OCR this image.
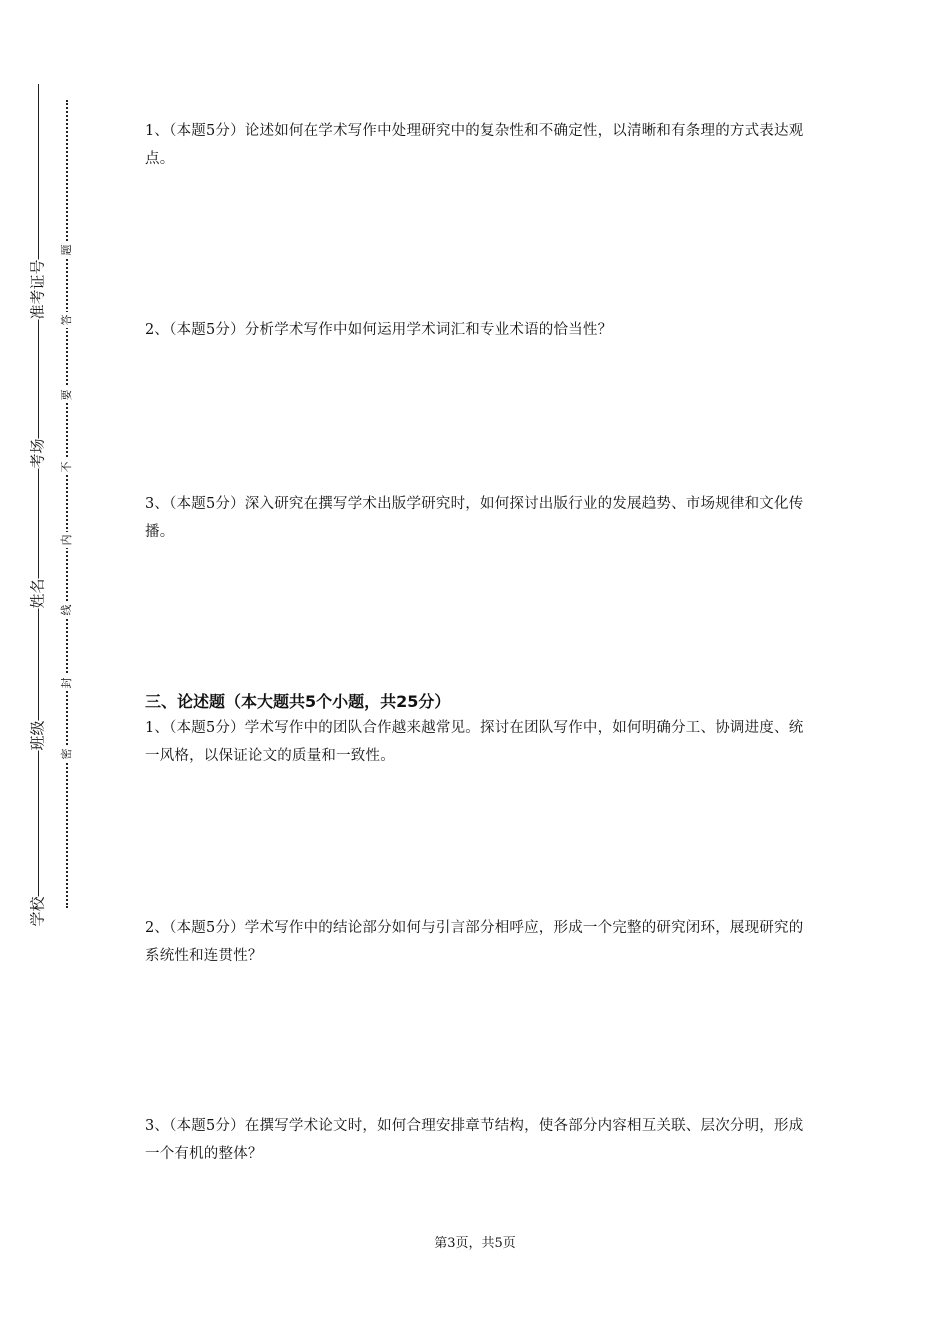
准考证号
考场
姓名
班级
学校
题
答
要
不
内
线
封
密

1、（本题5分）论述如何在学术写作中处理研究中的复杂性和不确定性，以清晰和有条理的方式表达观点。

2、（本题5分）分析学术写作中如何运用学术词汇和专业术语的恰当性？

3、（本题5分）深入研究在撰写学术出版学研究时，如何探讨出版行业的发展趋势、市场规律和文化传播。

三、论述题（本大题共5个小题，共25分）

1、（本题5分）学术写作中的团队合作越来越常见。探讨在团队写作中，如何明确分工、协调进度、统一风格，以保证论文的质量和一致性。

2、（本题5分）学术写作中的结论部分如何与引言部分相呼应，形成一个完整的研究闭环，展现研究的系统性和连贯性？

3、（本题5分）在撰写学术论文时，如何合理安排章节结构，使各部分内容相互关联、层次分明，形成一个有机的整体？

第3页，共5页
